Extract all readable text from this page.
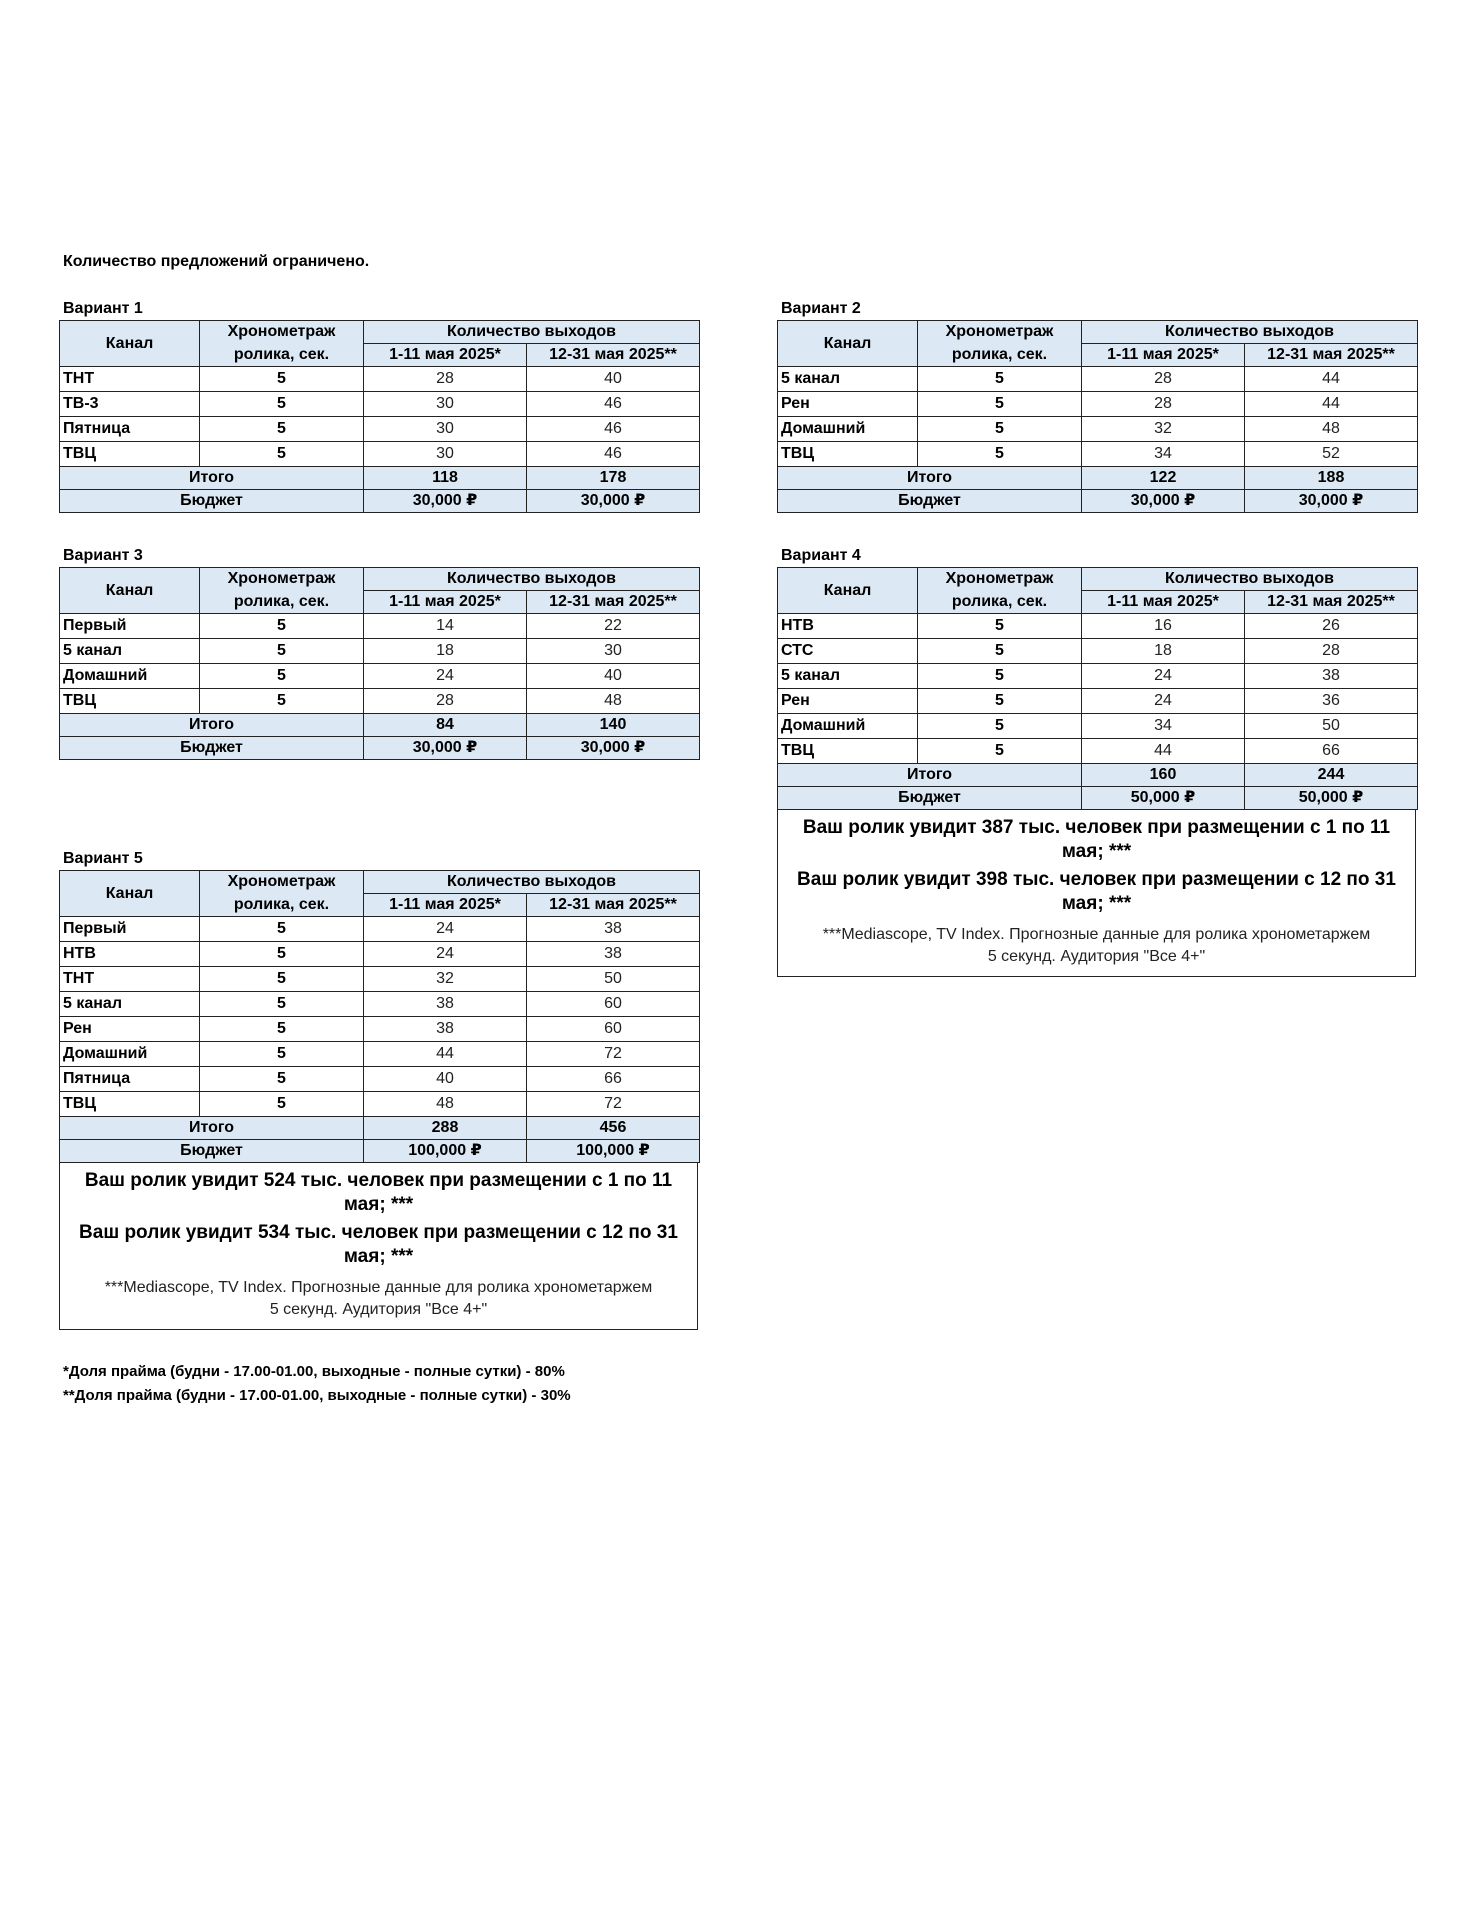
Количество предложений ограничено.
Вариант 1
Канал	Хронометраж	Количество выходов	
	ролика, сек.	1-11 мая 2025*	12-31 мая 2025**
ТНТ	5	28	40
ТВ-3	5	30	46
Пятница	5	30	46
ТВЦ	5	30	46
Итого		118	178
Бюджет		30,000 ₽	30,000 ₽
Вариант 2
Канал	Хронометраж	Количество выходов	
	ролика, сек.	1-11 мая 2025*	12-31 мая 2025**
5 канал	5	28	44
Рен	5	28	44
Домашний	5	32	48
ТВЦ	5	34	52
Итого		122	188
Бюджет		30,000 ₽	30,000 ₽
Вариант 3
Канал	Хронометраж	Количество выходов	
	ролика, сек.	1-11 мая 2025*	12-31 мая 2025**
Первый	5	14	22
5 канал	5	18	30
Домашний	5	24	40
ТВЦ	5	28	48
Итого		84	140
Бюджет		30,000 ₽	30,000 ₽
Вариант 4
Канал	Хронометраж	Количество выходов	
	ролика, сек.	1-11 мая 2025*	12-31 мая 2025**
НТВ	5	16	26
СТС	5	18	28
5 канал	5	24	38
Рен	5	24	36
Домашний	5	34	50
ТВЦ	5	44	66
Итого		160	244
Бюджет		50,000 ₽	50,000 ₽
Ваш ролик увидит 387 тыс. человек при размещении с 1 по 11 мая; ***
Ваш ролик увидит 398 тыс. человек при размещении с 12 по 31 мая; ***
***Mediascope, TV Index. Прогнозные данные для ролика хронометаржем 5 секунд. Аудитория "Все 4+"
Вариант 5
Канал	Хронометраж	Количество выходов	
	ролика, сек.	1-11 мая 2025*	12-31 мая 2025**
Первый	5	24	38
НТВ	5	24	38
ТНТ	5	32	50
5 канал	5	38	60
Рен	5	38	60
Домашний	5	44	72
Пятница	5	40	66
ТВЦ	5	48	72
Итого		288	456
Бюджет		100,000 ₽	100,000 ₽
Ваш ролик увидит 524 тыс. человек при размещении с 1 по 11 мая; ***
Ваш ролик увидит 534 тыс. человек при размещении с 12 по 31 мая; ***
***Mediascope, TV Index. Прогнозные данные для ролика хронометаржем 5 секунд. Аудитория "Все 4+"
*Доля прайма (будни - 17.00-01.00, выходные - полные сутки) - 80%
**Доля прайма (будни - 17.00-01.00, выходные - полные сутки) - 30%
